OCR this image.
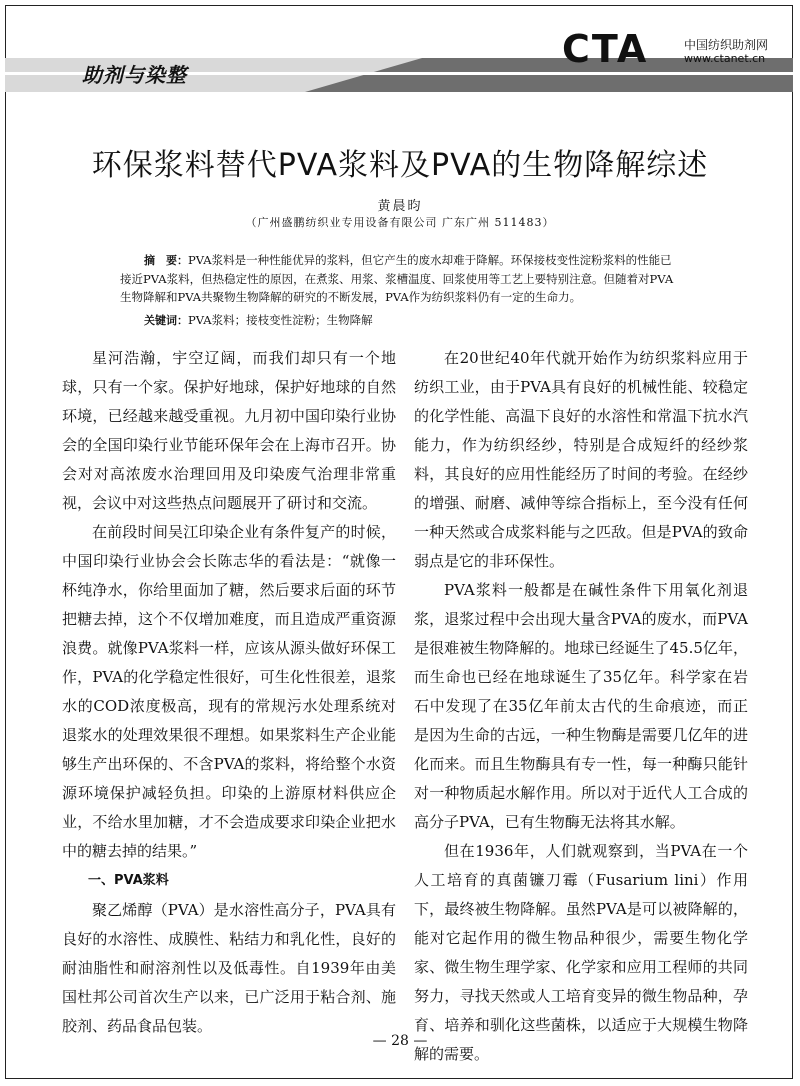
助剂与染整
CTA	中国纺织助剂网
www.ctanet.cn
环保浆料替代PVA浆料及PVA的生物降解综述
黄晨昀
（广州盛鹏纺织业专用设备有限公司 广东广州 511483）
摘　要：PVA浆料是一种性能优异的浆料，但它产生的废水却难于降解。环保接枝变性淀粉浆料的性能已接近PVA浆料，但热稳定性的原因，在煮浆、用浆、浆槽温度、回浆使用等工艺上要特别注意。但随着对PVA生物降解和PVA共聚物生物降解的研究的不断发展，PVA作为纺织浆料仍有一定的生命力。
关键词：PVA浆料；接枝变性淀粉；生物降解

星河浩瀚，宇空辽阔，而我们却只有一个地球，只有一个家。保护好地球，保护好地球的自然环境，已经越来越受重视。九月初中国印染行业协会的全国印染行业节能环保年会在上海市召开。协会对对高浓废水治理回用及印染废气治理非常重视，会议中对这些热点问题展开了研讨和交流。

在前段时间吴江印染企业有条件复产的时候，中国印染行业协会会长陈志华的看法是：“就像一杯纯净水，你给里面加了糖，然后要求后面的环节把糖去掉，这个不仅增加难度，而且造成严重资源浪费。就像PVA浆料一样，应该从源头做好环保工作，PVA的化学稳定性很好，可生化性很差，退浆水的COD浓度极高，现有的常规污水处理系统对退浆水的处理效果很不理想。如果浆料生产企业能够生产出环保的、不含PVA的浆料，将给整个水资源环境保护减轻负担。印染的上游原材料供应企业，不给水里加糖，才不会造成要求印染企业把水中的糖去掉的结果。”

一、PVA浆料

聚乙烯醇（PVA）是水溶性高分子，PVA具有良好的水溶性、成膜性、粘结力和乳化性，良好的耐油脂性和耐溶剂性以及低毒性。自1939年由美国杜邦公司首次生产以来，已广泛用于粘合剂、施胶剂、药品食品包装。

在20世纪40年代就开始作为纺织浆料应用于纺织工业，由于PVA具有良好的机械性能、较稳定的化学性能、高温下良好的水溶性和常温下抗水汽能力，作为纺织经纱，特别是合成短纤的经纱浆料，其良好的应用性能经历了时间的考验。在经纱的增强、耐磨、减伸等综合指标上，至今没有任何一种天然或合成浆料能与之匹敌。但是PVA的致命弱点是它的非环保性。

PVA浆料一般都是在碱性条件下用氧化剂退浆，退浆过程中会出现大量含PVA的废水，而PVA是很难被生物降解的。地球已经诞生了45.5亿年，而生命也已经在地球诞生了35亿年。科学家在岩石中发现了在35亿年前太古代的生命痕迹，而正是因为生命的古远，一种生物酶是需要几亿年的进化而来。而且生物酶具有专一性，每一种酶只能针对一种物质起水解作用。所以对于近代人工合成的高分子PVA，已有生物酶无法将其水解。

但在1936年，人们就观察到，当PVA在一个人工培育的真菌镰刀霉（Fusarium lini）作用下，最终被生物降解。虽然PVA是可以被降解的，能对它起作用的微生物品种很少，需要生物化学家、微生物生理学家、化学家和应用工程师的共同努力，寻找天然或人工培育变异的微生物品种，孕育、培养和驯化这些菌株，以适应于大规模生物降解的需要。

— 28 —
